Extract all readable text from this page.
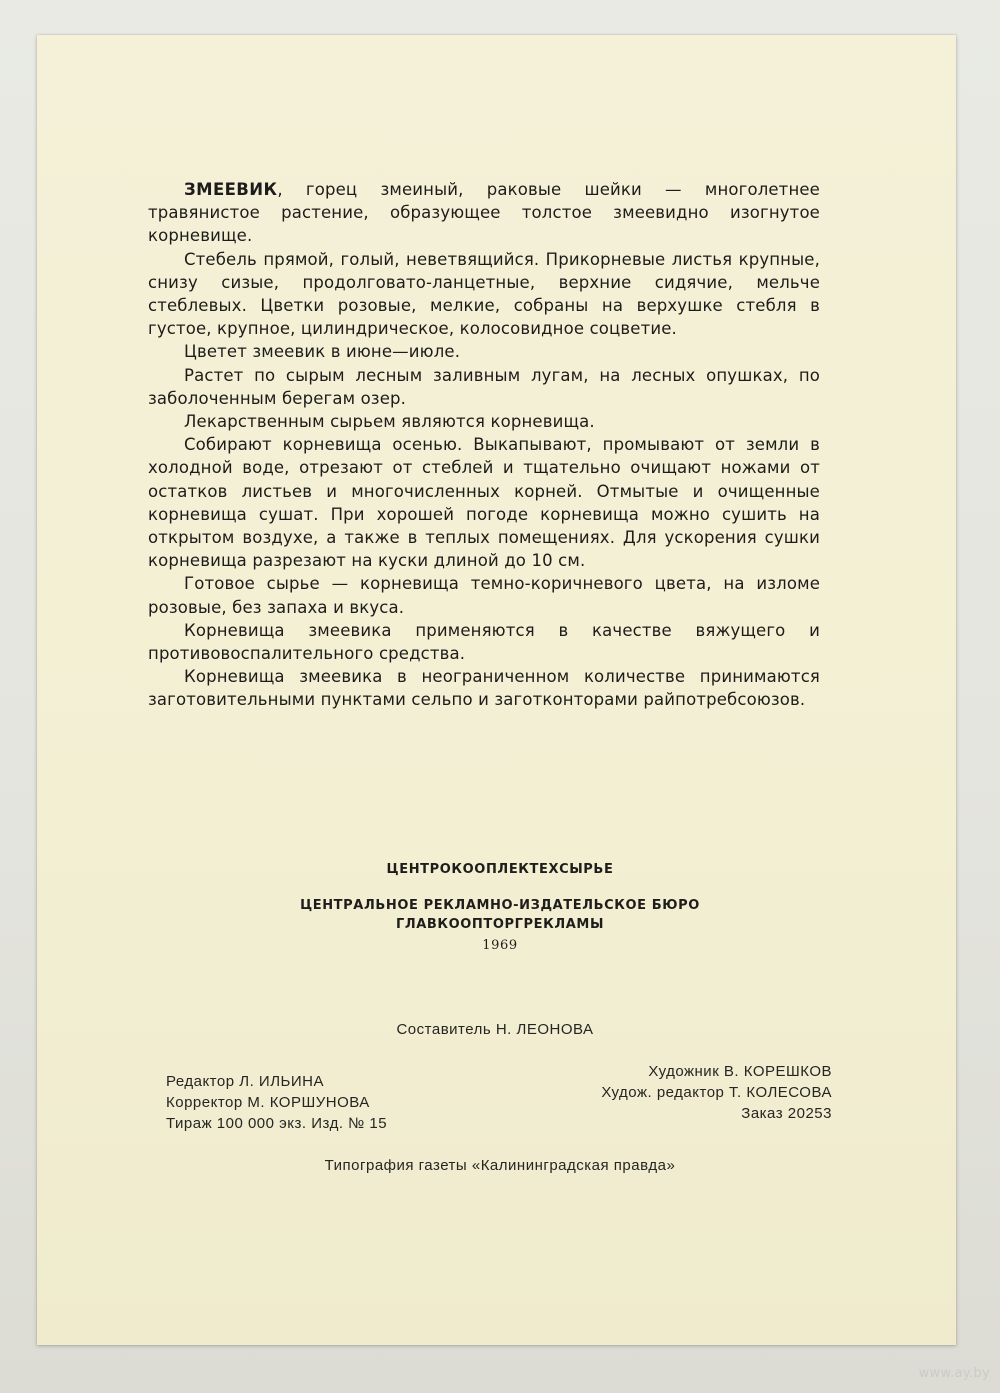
ЗМЕЕВИК, горец змеиный, раковые шейки — многолетнее травянистое растение, образующее толстое змеевидно изогнутое корневище.

Стебель прямой, голый, неветвящийся. Прикорневые листья крупные, снизу сизые, продолговато-ланцетные, верхние сидячие, мельче стеблевых. Цветки розовые, мелкие, собраны на верхушке стебля в густое, крупное, цилиндрическое, колосовидное соцветие.

Цветет змеевик в июне—июле.

Растет по сырым лесным заливным лугам, на лесных опушках, по заболоченным берегам озер.

Лекарственным сырьем являются корневища.

Собирают корневища осенью. Выкапывают, промывают от земли в холодной воде, отрезают от стеблей и тщательно очищают ножами от остатков листьев и многочисленных корней. Отмытые и очищенные корневища сушат. При хорошей погоде корневища можно сушить на открытом воздухе, а также в теплых помещениях. Для ускорения сушки корневища разрезают на куски длиной до 10 см.

Готовое сырье — корневища темно-коричневого цвета, на изломе розовые, без запаха и вкуса.

Корневища змеевика применяются в качестве вяжущего и противовоспалительного средства.

Корневища змеевика в неограниченном количестве принимаются заготовительными пунктами сельпо и заготконторами райпотребсоюзов.

ЦЕНТРОКООПЛЕКТЕХСЫРЬЕ
ЦЕНТРАЛЬНОЕ РЕКЛАМНО-ИЗДАТЕЛЬСКОЕ БЮРО
ГЛАВКООПТОРГРЕКЛАМЫ
1969
Составитель Н. ЛЕОНОВА
Редактор Л. ИЛЬИНА
Корректор М. КОРШУНОВА
Тираж 100 000 экз. Изд. № 15
Художник В. КОРЕШКОВ
Худож. редактор Т. КОЛЕСОВА
Заказ 20253
Типография газеты «Калининградская правда»
www.ay.by
